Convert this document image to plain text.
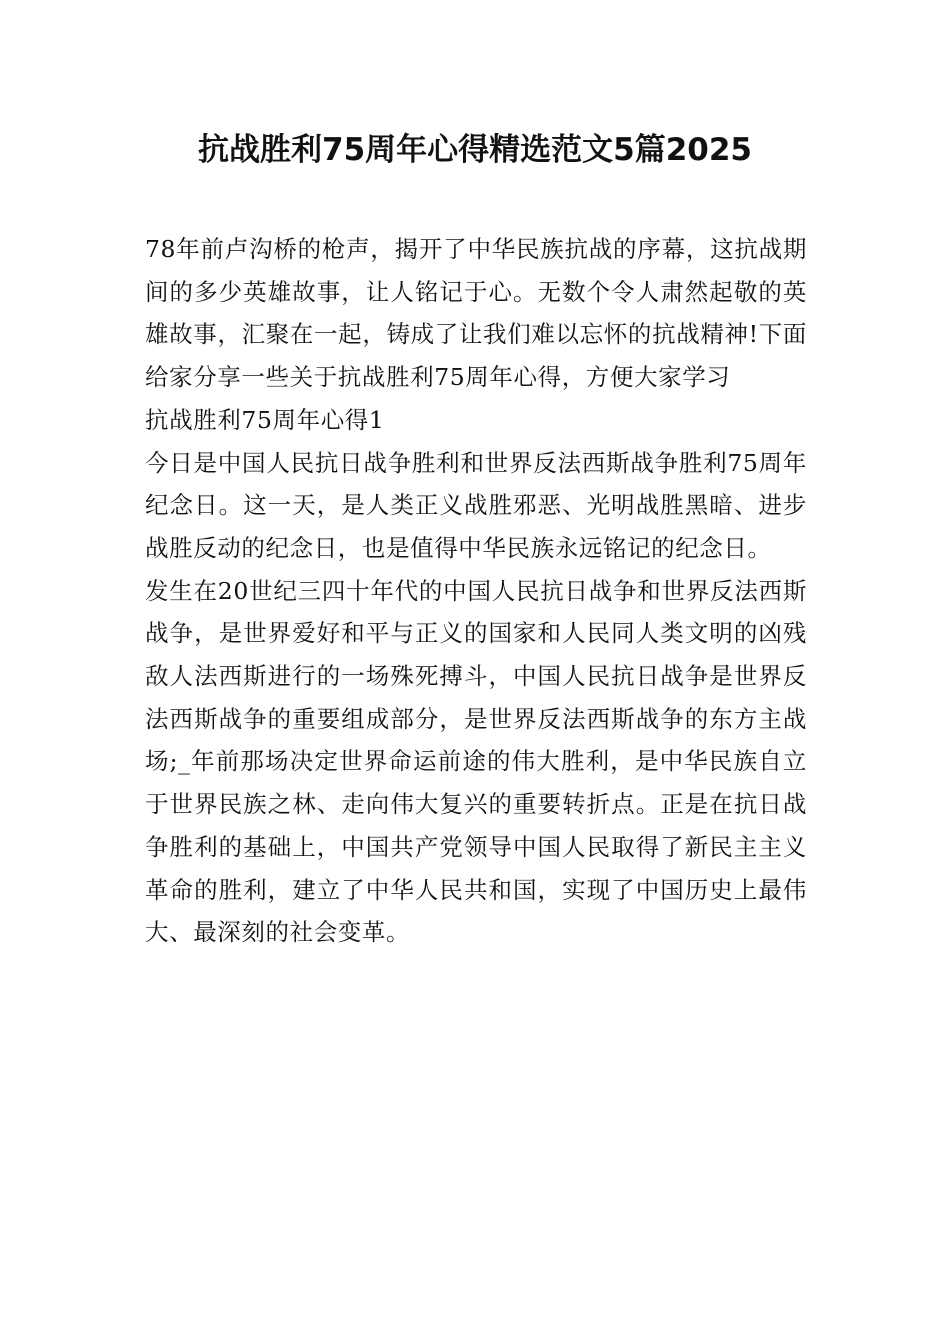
抗战胜利75周年心得精选范文5篇2025

78年前卢沟桥的枪声，揭开了中华民族抗战的序幕，这抗战期间的多少英雄故事，让人铭记于心。无数个令人肃然起敬的英雄故事，汇聚在一起，铸成了让我们难以忘怀的抗战精神!下面给家分享一些关于抗战胜利75周年心得，方便大家学习

抗战胜利75周年心得1

今日是中国人民抗日战争胜利和世界反法西斯战争胜利75周年纪念日。这一天，是人类正义战胜邪恶、光明战胜黑暗、进步战胜反动的纪念日，也是值得中华民族永远铭记的纪念日。

发生在20世纪三四十年代的中国人民抗日战争和世界反法西斯战争，是世界爱好和平与正义的国家和人民同人类文明的凶残敌人法西斯进行的一场殊死搏斗，中国人民抗日战争是世界反法西斯战争的重要组成部分，是世界反法西斯战争的东方主战场;_年前那场决定世界命运前途的伟大胜利，是中华民族自立于世界民族之林、走向伟大复兴的重要转折点。正是在抗日战争胜利的基础上，中国共产党领导中国人民取得了新民主主义革命的胜利，建立了中华人民共和国，实现了中国历史上最伟大、最深刻的社会变革。
